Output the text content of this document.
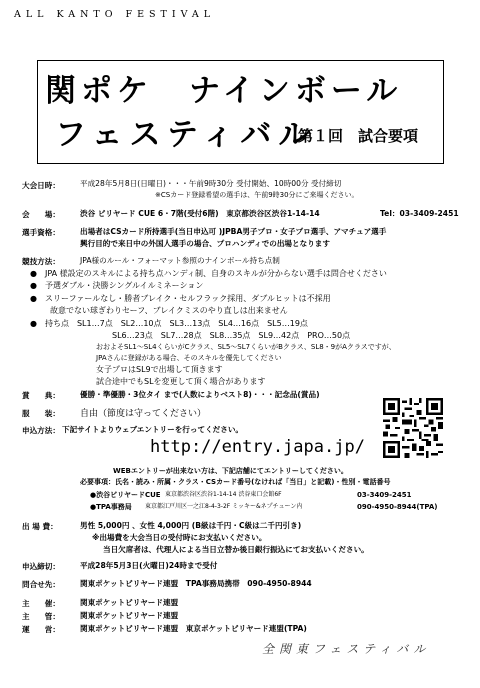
ALL KANTO FESTIVAL
関ポケ　ナインボール
フェスティバル
第１回　試合要項
大会日時：	平成28年5月8日(日曜日)・・・午前9時30分 受付開始、10時00分 受付締切
※CSカード登録希望の選手は、午前9時30分にご来場ください。
会　　場：	渋谷 ビリヤード CUE 6・7階(受付6階)　東京都渋谷区渋谷1-14-14	Tel：03-3409-2451
選手資格：	出場者はCSカード所持選手(当日申込可 )JPBA男子プロ・女子プロ選手、アマチュア選手
興行目的で来日中の外国人選手の場合、プロハンディでの出場となります
競技方法：	JPA様のルール・フォーマット参照のナインボール持ち点制
●　JPA 様設定のスキルによる持ち点ハンディ制、自身のスキルが分からない選手は問合せください
●　予選ダブル・決勝シングルイルミネーション
●　スリーファールなし・勝者ブレイク・セルフラック採用、ダブルヒットは不採用
故意でない球ぎわりセーフ、ブレイクミスのやり直しは出来ません
●　持ち点　SL1…7点　SL2…10点　SL3…13点　SL4…16点　SL5…19点
SL6…23点　SL7…28点　SL8…35点　SL9…42点　PRO…50点
おおよそSL1～SL4くらいがCクラス、SL5～SL7くらいがBクラス、SL8・9がAクラスですが、
JPAさんに登録がある場合、そのスキルを優先してください
女子プロはSL9で出場して頂きます
試合途中でもSLを変更して頂く場合があります
賞　　典：	優勝・準優勝・3位タイ まで(人数によりベスト8)・・・記念品(賞品)
服　　装： 自由（節度は守ってください）
申込方法： 下記サイトよりウェブエントリーを行ってください。
http://entry.japa.jp/
WEBエントリーが出来ない方は、下記店舗にてエントリーしてください。
必要事項：氏名・読み・所属・クラス・CSカード番号(なければ「当日」と記載)・性別・電話番号
●渋谷ビリヤードCUE 東京都渋谷区渋谷1-14-14 渋谷東口会館6F	03-3409-2451
●TPA事務局 東京都江戸川区一之江8-4-3-2F ミッキー&ネプチューン内	090-4950-8944(TPA)
出 場 費：	男性 5,000円 、女性 4,000円 (B級は千円・C級は二千円引き)
※出場費を大会当日の受付時にお支払いください。
当日欠席者は、代理人による当日立替か後日銀行振込にてお支払いください。
申込締切：	平成28年5月3日(火曜日)24時まで受付
問合せ先：	関東ポケットビリヤード連盟　TPA事務局携帯　090-4950-8944
主　　催：	関東ポケットビリヤード連盟
主　　管：	関東ポケットビリヤード連盟
運　　営：	関東ポケットビリヤード連盟　東京ポケットビリヤード連盟(TPA)
全関東フェスティバル
